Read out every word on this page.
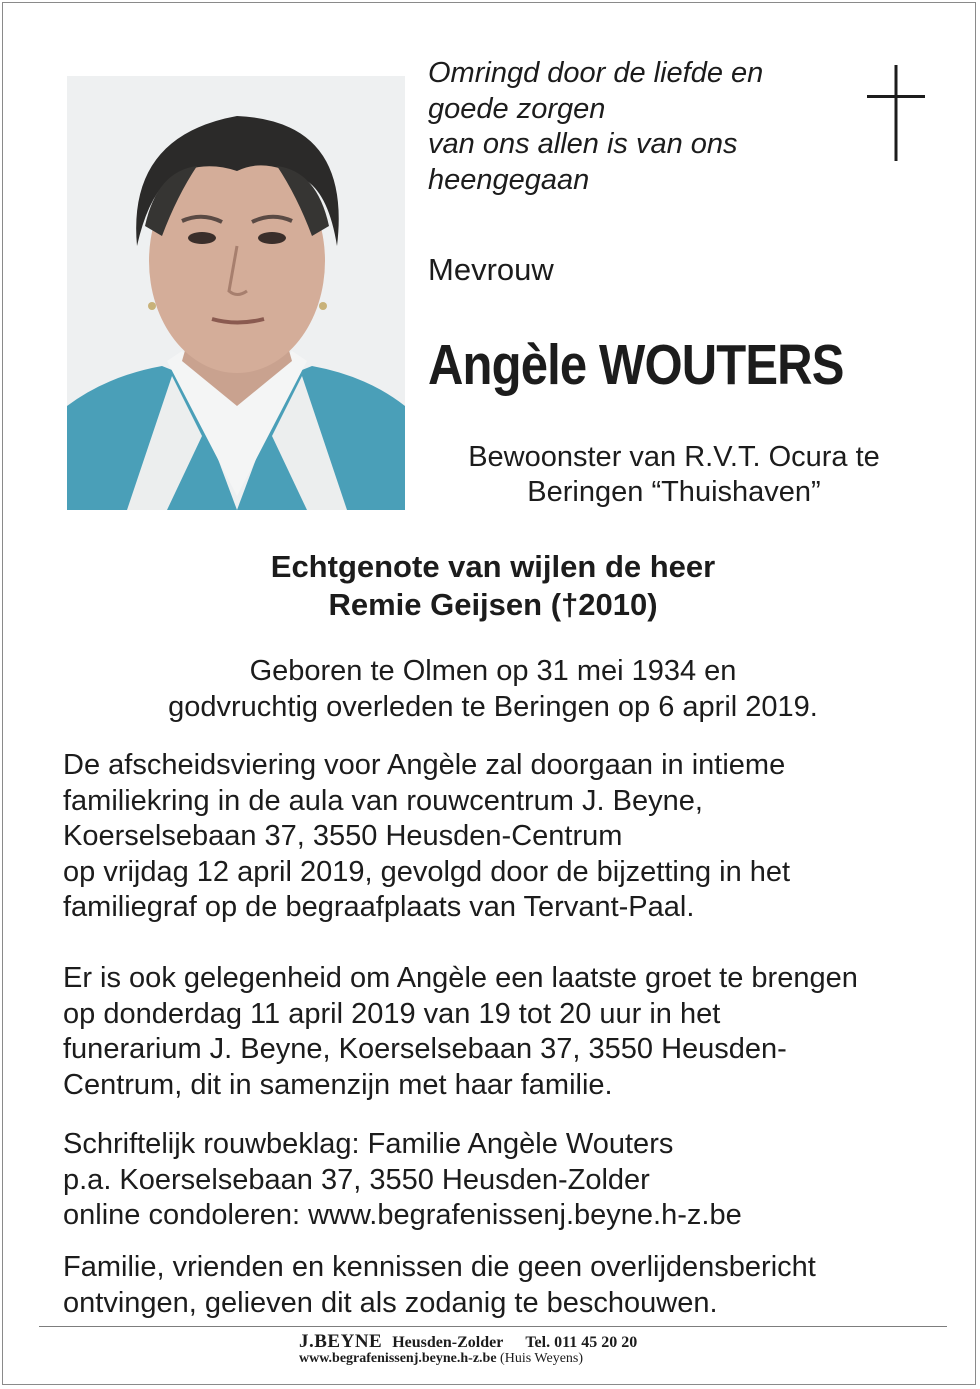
Omringd door de liefde en
goede zorgen
van ons allen is van ons
heengegaan
Mevrouw
Angèle WOUTERS
Bewoonster van R.V.T. Ocura te
Beringen “Thuishaven”
Echtgenote van wijlen de heer
Remie Geijsen (†2010)
Geboren te Olmen op 31 mei 1934 en
godvruchtig overleden te Beringen op 6 april 2019.
De afscheidsviering voor Angèle zal doorgaan in intieme
familiekring in de aula van rouwcentrum J. Beyne,
Koerselsebaan 37, 3550 Heusden-Centrum
op vrijdag 12 april 2019, gevolgd door de bijzetting in het
familiegraf op de begraafplaats van Tervant-Paal.
Er is ook gelegenheid om Angèle een laatste groet te brengen
op donderdag 11 april 2019 van 19 tot 20 uur in het
funerarium J. Beyne, Koerselsebaan 37, 3550 Heusden-
Centrum, dit in samenzijn met haar familie.
Schriftelijk rouwbeklag: Familie Angèle Wouters
p.a. Koerselsebaan 37, 3550 Heusden-Zolder
online condoleren: www.begrafenissenj.beyne.h-z.be
Familie, vrienden en kennissen die geen overlijdensbericht
ontvingen, gelieven dit als zodanig te beschouwen.
J.BEYNE Heusden-Zolder Tel. 011 45 20 20
www.begrafenissenj.beyne.h-z.be (Huis Weyens)
